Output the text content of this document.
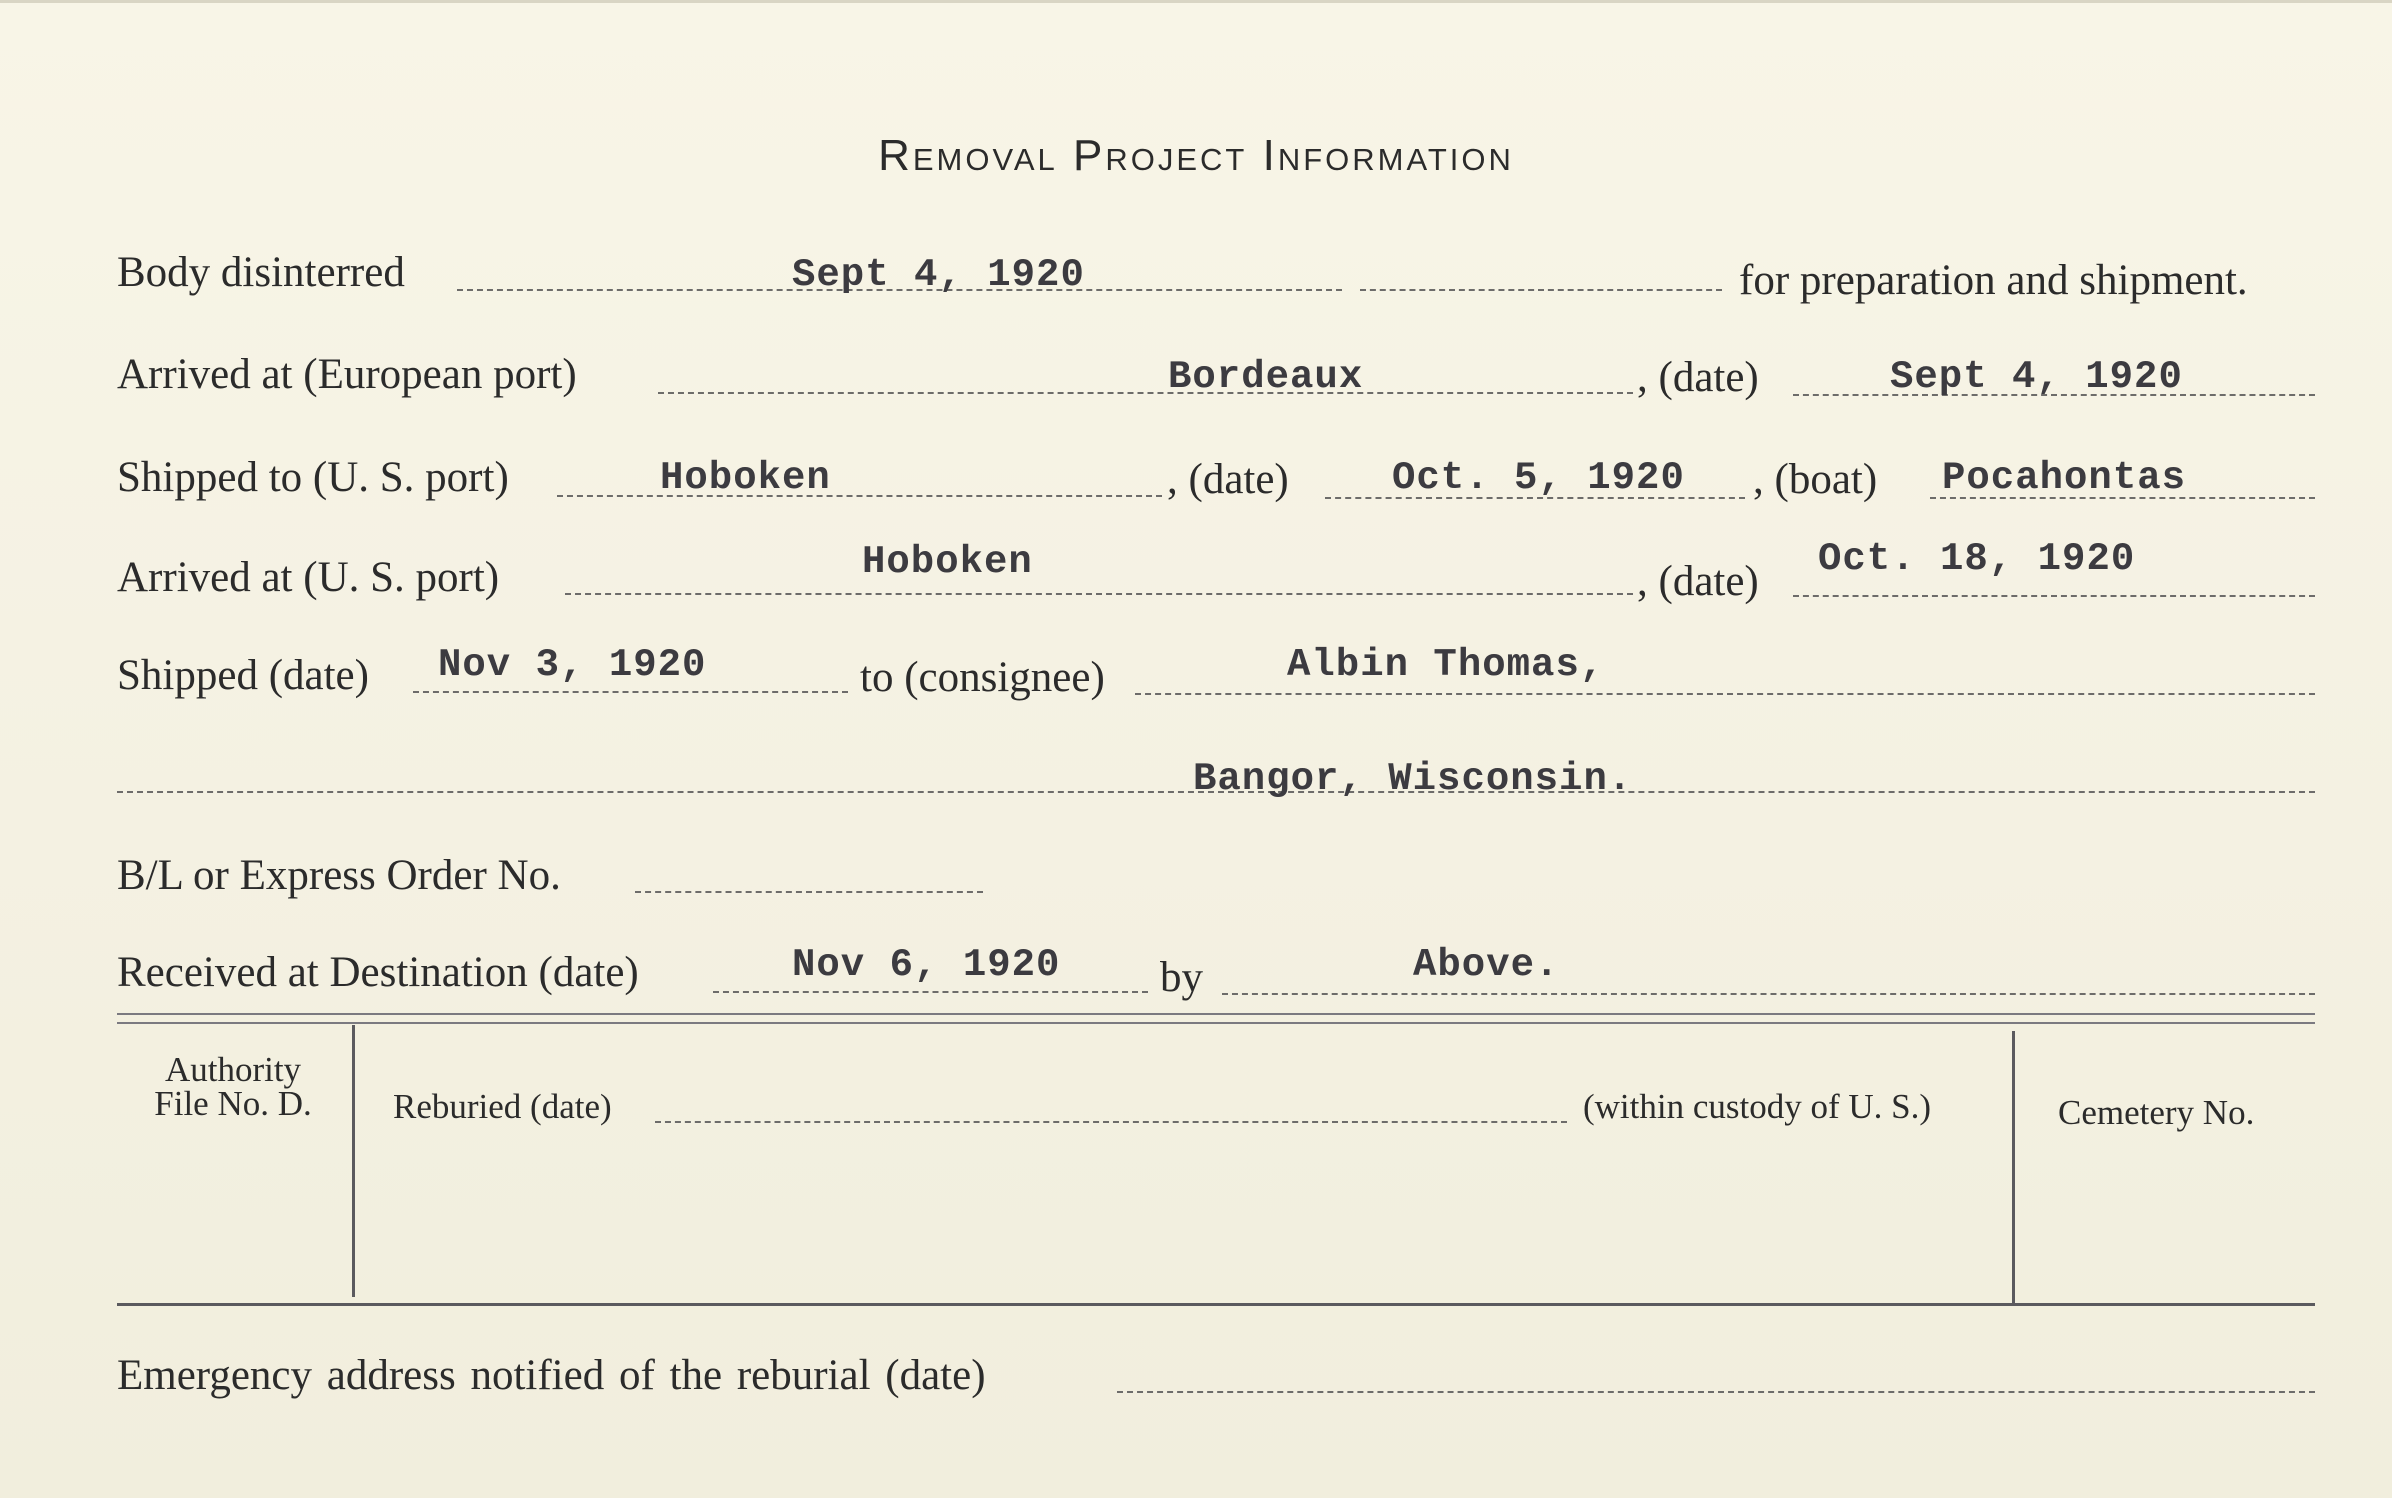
Removal Project Information
Body disinterred	Sept 4, 1920	for preparation and shipment.
Arrived at (European port)	Bordeaux	, (date)	Sept 4, 1920
Shipped to (U. S. port)	Hoboken	, (date)	Oct. 5, 1920 , (boat) Pocahontas
Arrived at (U. S. port)	Hoboken	, (date) Oct. 18, 1920
Shipped (date) Nov 3, 1920	to (consignee)	Albin Thomas,
Bangor, Wisconsin.
B/L or Express Order No.
Received at Destination (date)	Nov 6, 1920 by	Above.
Authority
File No. D.	Reburied (date)	(within custody of U. S.)	Cemetery No.
Emergency address notified of the reburial (date)
